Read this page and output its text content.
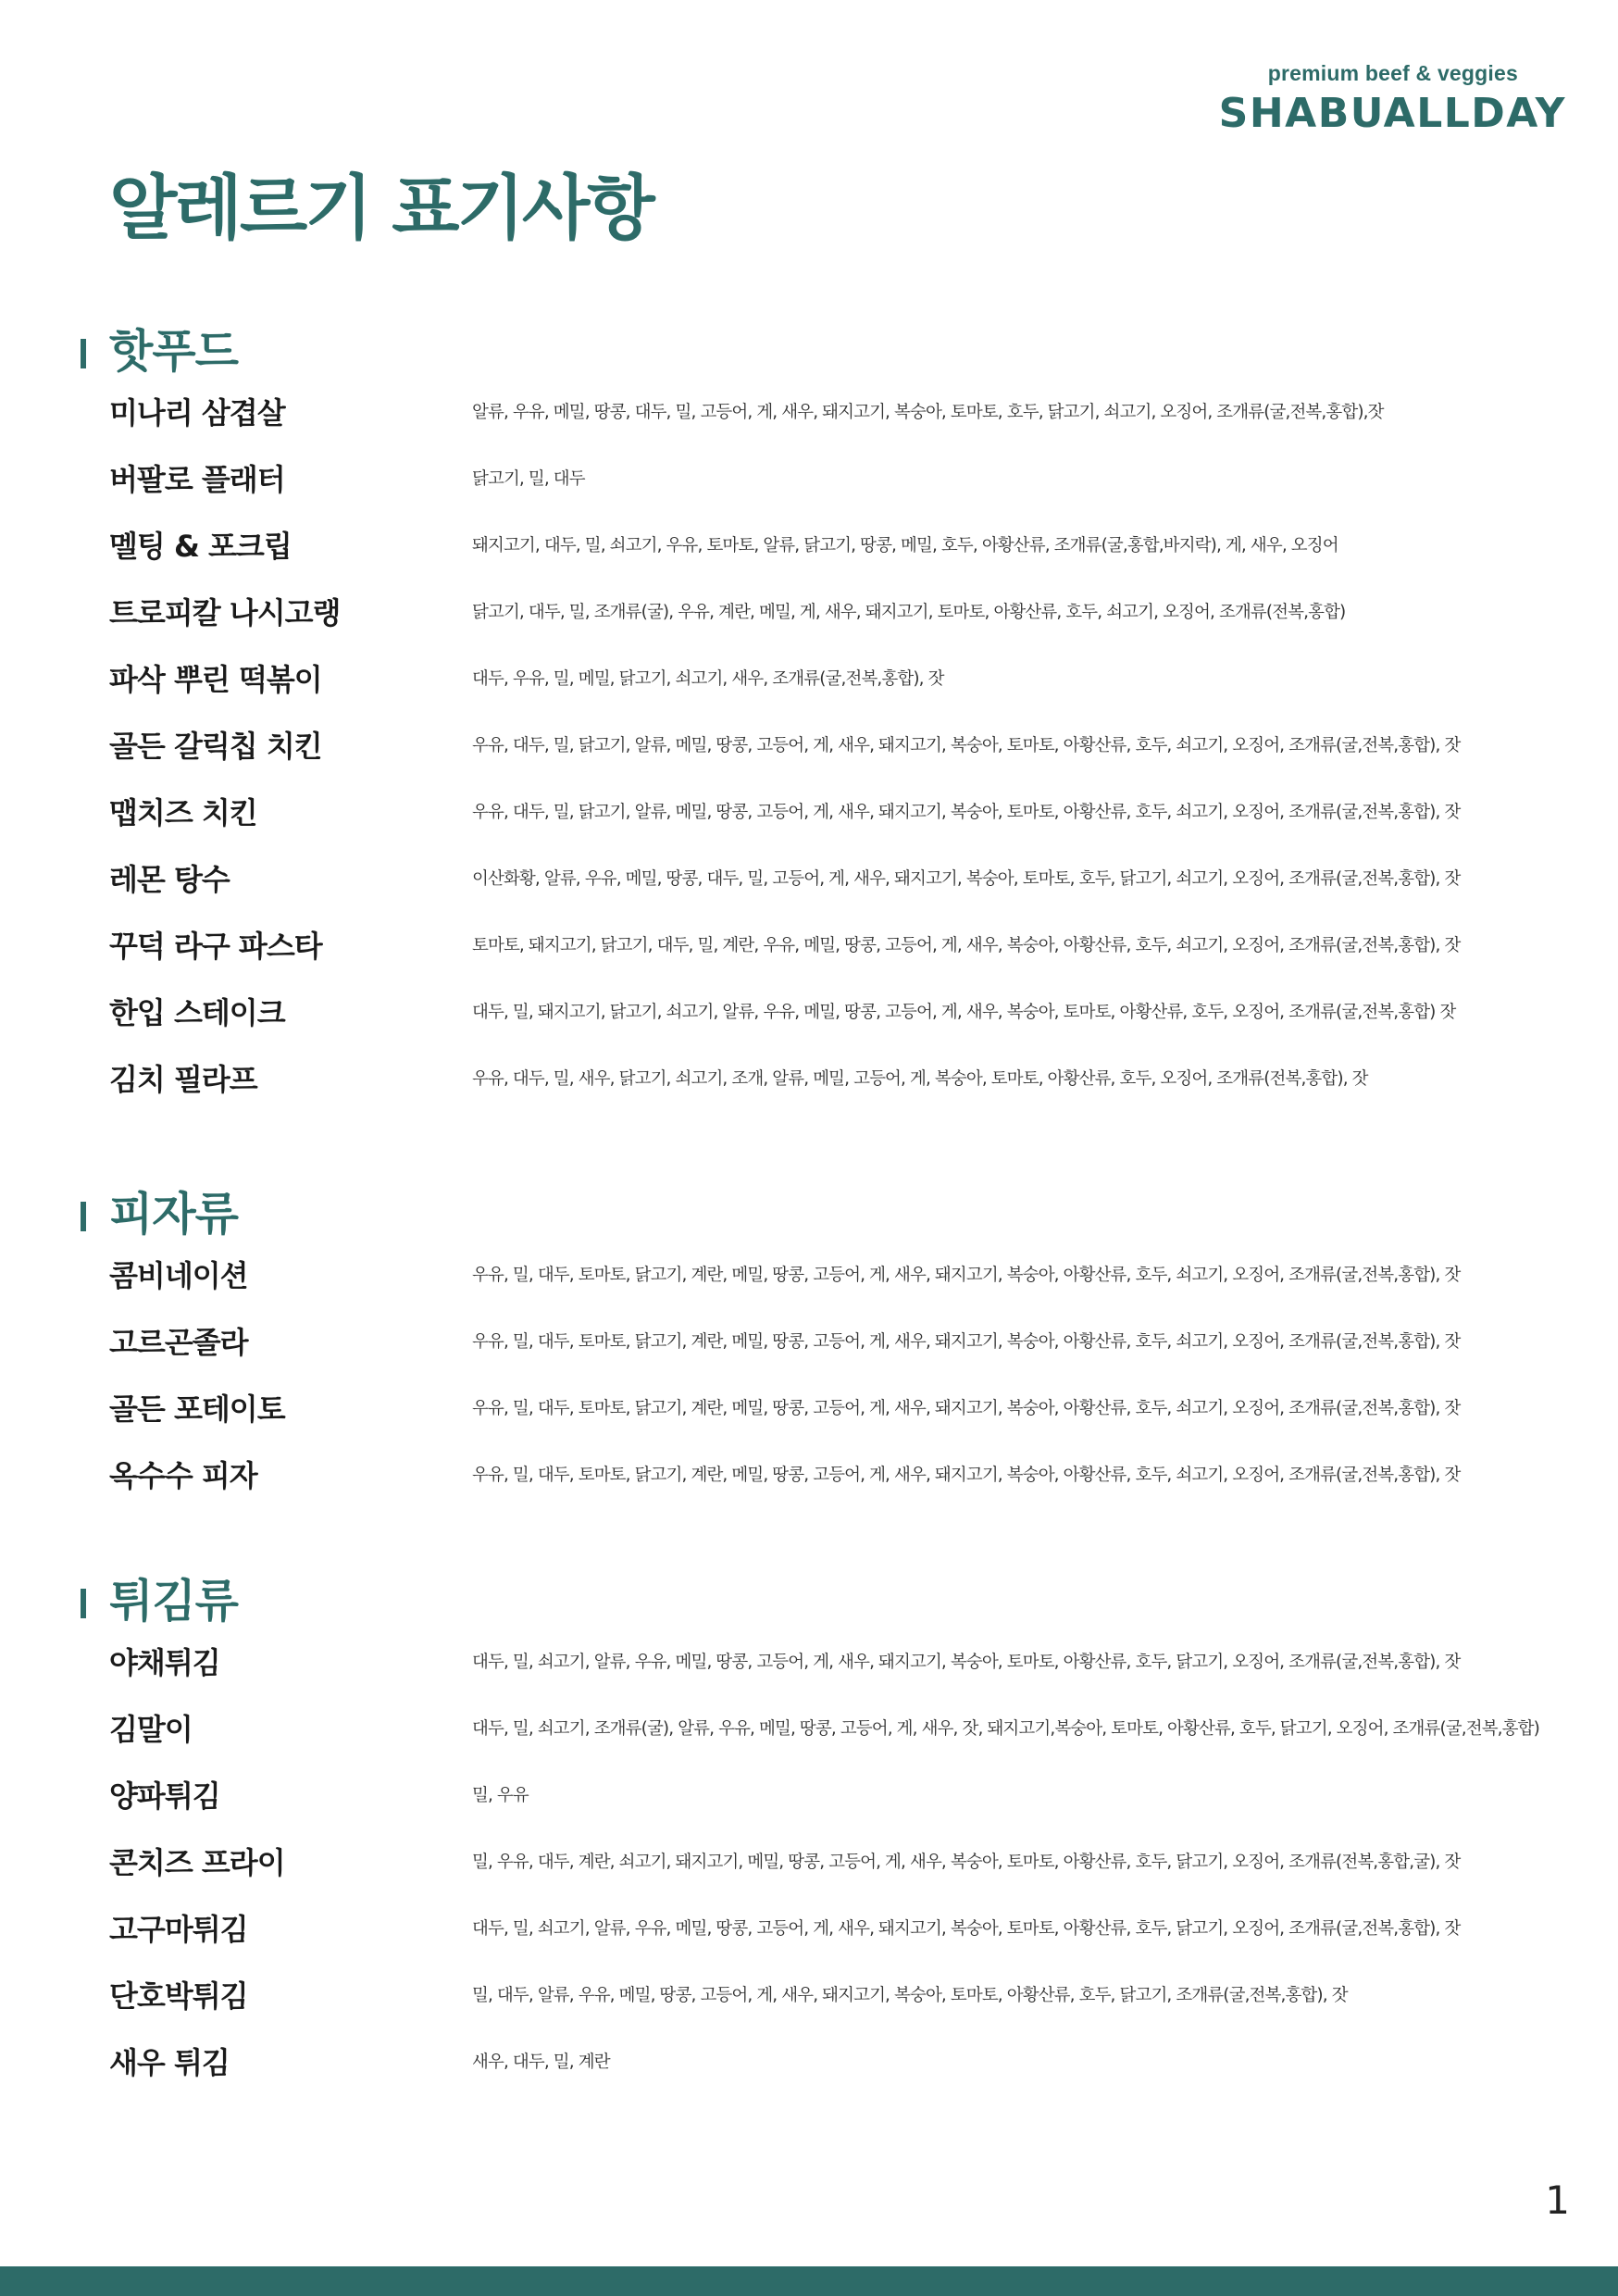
premium beef & veggies
SHABUALLDAY
알레르기 표기사항
핫푸드
미나리 삼겹살	알류, 우유, 메밀, 땅콩, 대두, 밀, 고등어, 게, 새우, 돼지고기, 복숭아, 토마토, 호두, 닭고기, 쇠고기, 오징어, 조개류(굴,전복,홍합),잣
버팔로 플래터	닭고기, 밀, 대두
멜팅 & 포크립	돼지고기, 대두, 밀, 쇠고기, 우유, 토마토, 알류, 닭고기, 땅콩, 메밀, 호두, 아황산류, 조개류(굴,홍합,바지락), 게, 새우, 오징어
트로피칼 나시고랭	닭고기, 대두, 밀, 조개류(굴), 우유, 계란, 메밀, 게, 새우, 돼지고기, 토마토, 아황산류, 호두, 쇠고기, 오징어, 조개류(전복,홍합)
파삭 뿌린 떡볶이	대두, 우유, 밀, 메밀, 닭고기, 쇠고기, 새우, 조개류(굴,전복,홍합), 잣
골든 갈릭칩 치킨	우유, 대두, 밀, 닭고기, 알류, 메밀, 땅콩, 고등어, 게, 새우, 돼지고기, 복숭아, 토마토, 아황산류, 호두, 쇠고기, 오징어, 조개류(굴,전복,홍합), 잣
맵치즈 치킨	우유, 대두, 밀, 닭고기, 알류, 메밀, 땅콩, 고등어, 게, 새우, 돼지고기, 복숭아, 토마토, 아황산류, 호두, 쇠고기, 오징어, 조개류(굴,전복,홍합), 잣
레몬 탕수	이산화황, 알류, 우유, 메밀, 땅콩, 대두, 밀, 고등어, 게, 새우, 돼지고기, 복숭아, 토마토, 호두, 닭고기, 쇠고기, 오징어, 조개류(굴,전복,홍합), 잣
꾸덕 라구 파스타	토마토, 돼지고기, 닭고기, 대두, 밀, 계란, 우유, 메밀, 땅콩, 고등어, 게, 새우, 복숭아, 아황산류, 호두, 쇠고기, 오징어, 조개류(굴,전복,홍합), 잣
한입 스테이크	대두, 밀, 돼지고기, 닭고기, 쇠고기, 알류, 우유, 메밀, 땅콩, 고등어, 게, 새우, 복숭아, 토마토, 아황산류, 호두, 오징어, 조개류(굴,전복,홍합) 잣
김치 필라프	우유, 대두, 밀, 새우, 닭고기, 쇠고기, 조개, 알류, 메밀, 고등어, 게, 복숭아, 토마토, 아황산류, 호두, 오징어, 조개류(전복,홍합), 잣
피자류
콤비네이션	우유, 밀, 대두, 토마토, 닭고기, 계란, 메밀, 땅콩, 고등어, 게, 새우, 돼지고기, 복숭아, 아황산류, 호두, 쇠고기, 오징어, 조개류(굴,전복,홍합), 잣
고르곤졸라	우유, 밀, 대두, 토마토, 닭고기, 계란, 메밀, 땅콩, 고등어, 게, 새우, 돼지고기, 복숭아, 아황산류, 호두, 쇠고기, 오징어, 조개류(굴,전복,홍합), 잣
골든 포테이토	우유, 밀, 대두, 토마토, 닭고기, 계란, 메밀, 땅콩, 고등어, 게, 새우, 돼지고기, 복숭아, 아황산류, 호두, 쇠고기, 오징어, 조개류(굴,전복,홍합), 잣
옥수수 피자	우유, 밀, 대두, 토마토, 닭고기, 계란, 메밀, 땅콩, 고등어, 게, 새우, 돼지고기, 복숭아, 아황산류, 호두, 쇠고기, 오징어, 조개류(굴,전복,홍합), 잣
튀김류
야채튀김	대두, 밀, 쇠고기, 알류, 우유, 메밀, 땅콩, 고등어, 게, 새우, 돼지고기, 복숭아, 토마토, 아황산류, 호두, 닭고기, 오징어, 조개류(굴,전복,홍합), 잣
김말이	대두, 밀, 쇠고기, 조개류(굴), 알류, 우유, 메밀, 땅콩, 고등어, 게, 새우, 잣, 돼지고기,복숭아, 토마토, 아황산류, 호두, 닭고기, 오징어, 조개류(굴,전복,홍합)
양파튀김	밀, 우유
콘치즈 프라이	밀, 우유, 대두, 계란, 쇠고기, 돼지고기, 메밀, 땅콩, 고등어, 게, 새우, 복숭아, 토마토, 아황산류, 호두, 닭고기, 오징어, 조개류(전복,홍합,굴), 잣
고구마튀김	대두, 밀, 쇠고기, 알류, 우유, 메밀, 땅콩, 고등어, 게, 새우, 돼지고기, 복숭아, 토마토, 아황산류, 호두, 닭고기, 오징어, 조개류(굴,전복,홍합), 잣
단호박튀김	밀, 대두, 알류, 우유, 메밀, 땅콩, 고등어, 게, 새우, 돼지고기, 복숭아, 토마토, 아황산류, 호두, 닭고기, 조개류(굴,전복,홍합), 잣
새우 튀김	새우, 대두, 밀, 계란
1
